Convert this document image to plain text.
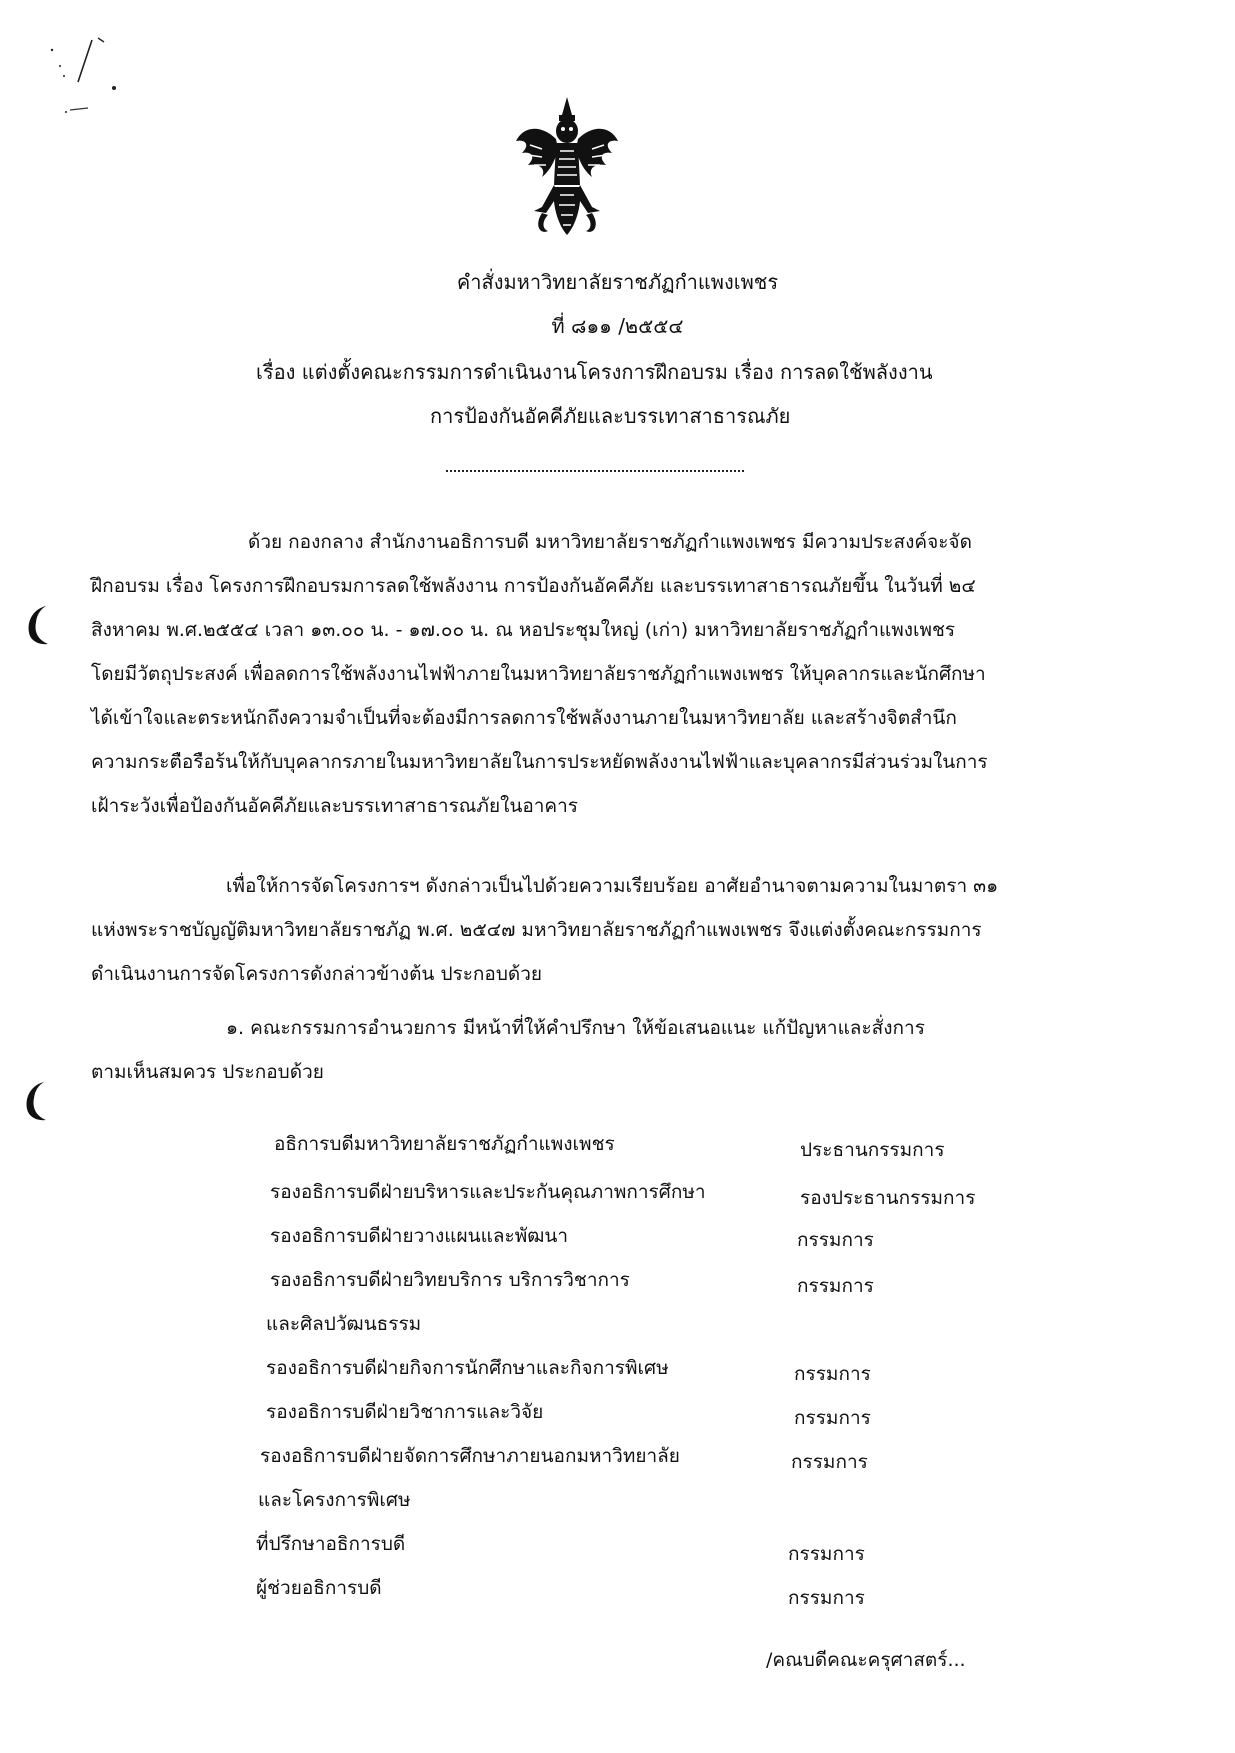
คำสั่งมหาวิทยาลัยราชภัฏกำแพงเพชร
ที่ ๘๑๑ /๒๕๕๔
เรื่อง แต่งตั้งคณะกรรมการดำเนินงานโครงการฝึกอบรม เรื่อง การลดใช้พลังงาน
การป้องกันอัคคีภัยและบรรเทาสาธารณภัย
ด้วย กองกลาง สำนักงานอธิการบดี มหาวิทยาลัยราชภัฏกำแพงเพชร มีความประสงค์จะจัด
ฝึกอบรม เรื่อง โครงการฝึกอบรมการลดใช้พลังงาน การป้องกันอัคคีภัย และบรรเทาสาธารณภัยขึ้น ในวันที่ ๒๔
สิงหาคม พ.ศ.๒๕๕๔ เวลา ๑๓.๐๐ น. - ๑๗.๐๐ น. ณ หอประชุมใหญ่ (เก่า) มหาวิทยาลัยราชภัฏกำแพงเพชร
โดยมีวัตถุประสงค์ เพื่อลดการใช้พลังงานไฟฟ้าภายในมหาวิทยาลัยราชภัฏกำแพงเพชร ให้บุคลากรและนักศึกษา
ได้เข้าใจและตระหนักถึงความจำเป็นที่จะต้องมีการลดการใช้พลังงานภายในมหาวิทยาลัย และสร้างจิตสำนึก
ความกระตือรือร้นให้กับบุคลากรภายในมหาวิทยาลัยในการประหยัดพลังงานไฟฟ้าและบุคลากรมีส่วนร่วมในการ
เฝ้าระวังเพื่อป้องกันอัคคีภัยและบรรเทาสาธารณภัยในอาคาร
เพื่อให้การจัดโครงการฯ ดังกล่าวเป็นไปด้วยความเรียบร้อย อาศัยอำนาจตามความในมาตรา ๓๑
แห่งพระราชบัญญัติมหาวิทยาลัยราชภัฏ พ.ศ. ๒๕๔๗ มหาวิทยาลัยราชภัฏกำแพงเพชร จึงแต่งตั้งคณะกรรมการ
ดำเนินงานการจัดโครงการดังกล่าวข้างต้น ประกอบด้วย
๑. คณะกรรมการอำนวยการ มีหน้าที่ให้คำปรึกษา ให้ข้อเสนอแนะ แก้ปัญหาและสั่งการ
ตามเห็นสมควร ประกอบด้วย
อธิการบดีมหาวิทยาลัยราชภัฏกำแพงเพชร	ประธานกรรมการ
รองอธิการบดีฝ่ายบริหารและประกันคุณภาพการศึกษา	รองประธานกรรมการ
รองอธิการบดีฝ่ายวางแผนและพัฒนา	กรรมการ
รองอธิการบดีฝ่ายวิทยบริการ บริการวิชาการ	กรรมการ
และศิลปวัฒนธรรม
รองอธิการบดีฝ่ายกิจการนักศึกษาและกิจการพิเศษ	กรรมการ
รองอธิการบดีฝ่ายวิชาการและวิจัย	กรรมการ
รองอธิการบดีฝ่ายจัดการศึกษาภายนอกมหาวิทยาลัย	กรรมการ
และโครงการพิเศษ
ที่ปรึกษาอธิการบดี	กรรมการ
ผู้ช่วยอธิการบดี	กรรมการ
/คณบดีคณะครุศาสตร์...
